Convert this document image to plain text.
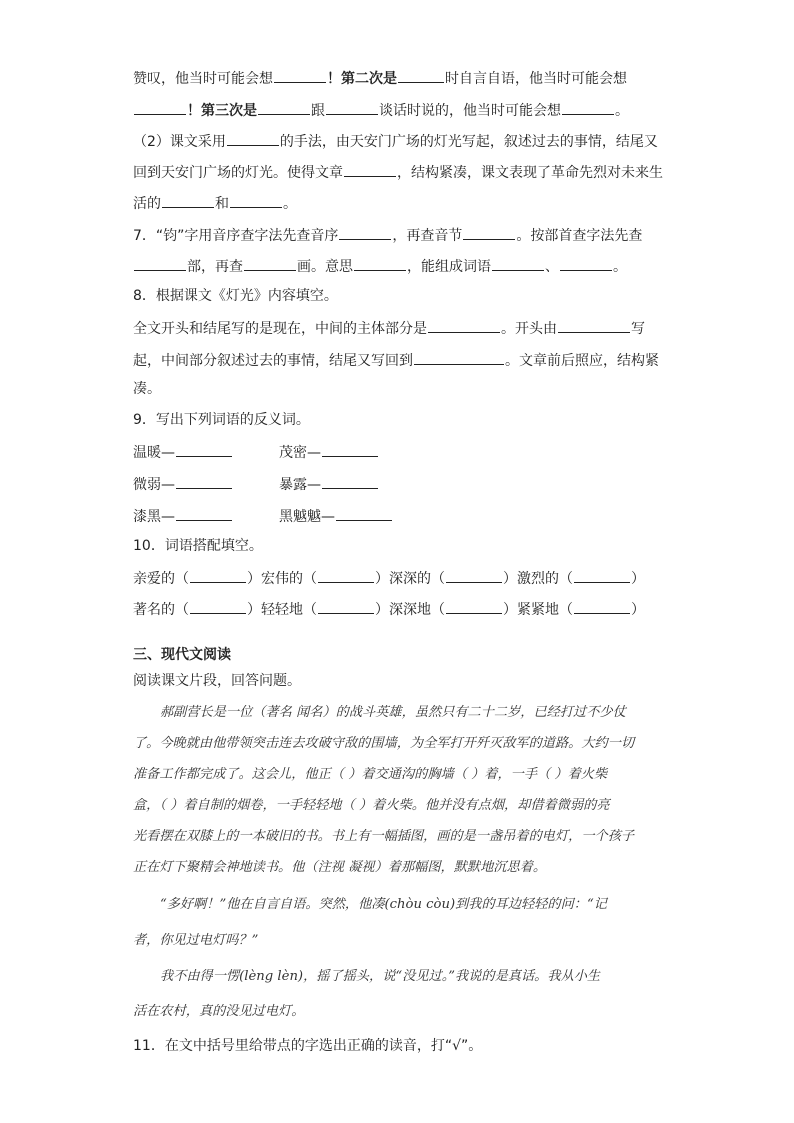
赞叹，他当时可能会想	！第二次是	时自言自语，他当时可能会想
！第三次是	跟	谈话时说的，他当时可能会想	。
（2）课文采用	的手法，由天安门广场的灯光写起，叙述过去的事情，结尾又
回到天安门广场的灯光。使得文章	，结构紧凑，课文表现了革命先烈对未来生
活的	和	。
7．“钧”字用音序查字法先查音序	，再查音节	。按部首查字法先查
部，再查	画。意思	，能组成词语	、	。
8．根据课文《灯光》内容填空。
全文开头和结尾写的是现在，中间的主体部分是	。开头由	写
起，中间部分叙述过去的事情，结尾又写回到	。文章前后照应，结构紧
凑。
9．写出下列词语的反义词。
温暖—	茂密—
微弱—	暴露—
漆黑—	黑魆魆—
10．词语搭配填空。
亲爱的（	）宏伟的（	）深深的（	）激烈的（	）
著名的（	）轻轻地（	）深深地（	）紧紧地（	）
三、现代文阅读
阅读课文片段，回答问题。
郝副营长是一位（著名 闻名）的战斗英雄，虽然只有二十二岁，已经打过不少仗
了。今晚就由他带领突击连去攻破守敌的围墙，为全军打开歼灭敌军的道路。大约一切
准备工作都完成了。这会儿，他正（ ）着交通沟的胸墙（ ）着，一手（ ）着火柴
盒，（ ）着自制的烟卷，一手轻轻地（ ）着火柴。他并没有点烟，却借着微弱的亮
光看摆在双膝上的一本破旧的书。书上有一幅插图，画的是一盏吊着的电灯，一个孩子
正在灯下聚精会神地读书。他（注视 凝视）着那幅图，默默地沉思着。
“多好啊！”他在自言自语。突然，他凑(chòu còu)到我的耳边轻轻的问：“记
者，你见过电灯吗？”
我不由得一愣(lèng lèn)，摇了摇头，说“没见过。”我说的是真话。我从小生
活在农村，真的没见过电灯。
11．在文中括号里给带点的字选出正确的读音，打“√”。
